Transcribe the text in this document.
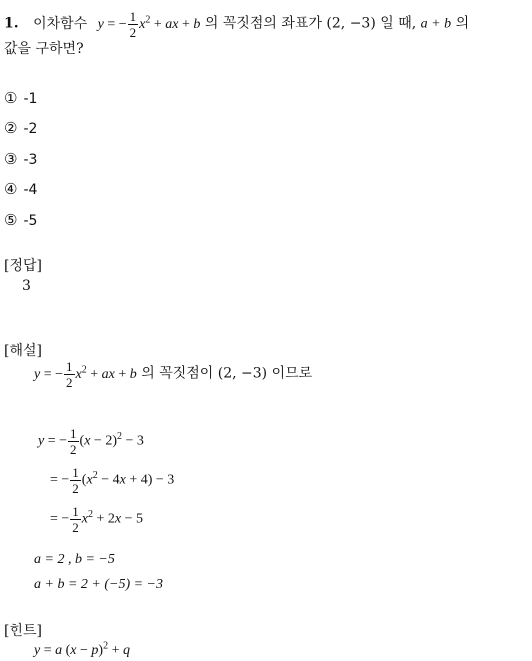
1. 이차함수 y = − $\frac{1}{2} x^2$ + ax + b 의 꼭짓점의 좌표가 (2, −3) 일 때, a + b 의
값을 구하면?
① -1
② -2
③ -3
④ -4
⑤ -5
[정답]
3
[해설]
y = − $\frac{1}{2} x^2$ + ax + b 의 꼭짓점이 (2, −3) 이므로
y = − $\frac{1}{2} (x - 2)^2 - 3$
= − $\frac{1}{2} (x^2 - 4x + 4) - 3$
= − $\frac{1}{2} x^2 + 2x - 5$
a = 2 , b = −5
a + b = 2 + (−5) = −3
[힌트]
y = a $(x - p)^2 + q$
